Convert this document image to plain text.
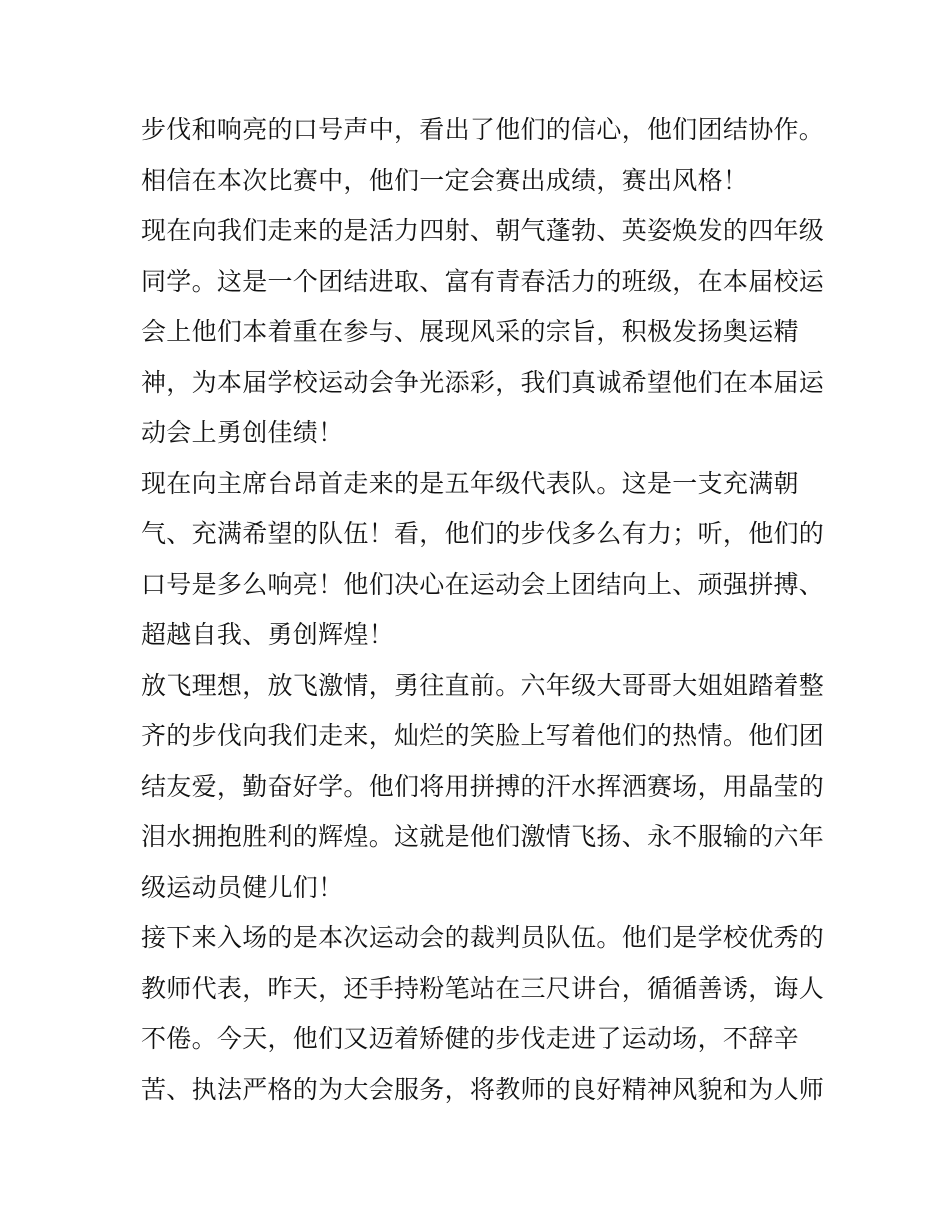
步伐和响亮的口号声中，看出了他们的信心，他们团结协作。
相信在本次比赛中，他们一定会赛出成绩，赛出风格！
现在向我们走来的是活力四射、朝气蓬勃、英姿焕发的四年级
同学。这是一个团结进取、富有青春活力的班级，在本届校运
会上他们本着重在参与、展现风采的宗旨，积极发扬奥运精
神，为本届学校运动会争光添彩，我们真诚希望他们在本届运
动会上勇创佳绩！
现在向主席台昂首走来的是五年级代表队。这是一支充满朝
气、充满希望的队伍！看，他们的步伐多么有力；听，他们的
口号是多么响亮！他们决心在运动会上团结向上、顽强拼搏、
超越自我、勇创辉煌！
放飞理想，放飞激情，勇往直前。六年级大哥哥大姐姐踏着整
齐的步伐向我们走来，灿烂的笑脸上写着他们的热情。他们团
结友爱，勤奋好学。他们将用拼搏的汗水挥洒赛场，用晶莹的
泪水拥抱胜利的辉煌。这就是他们激情飞扬、永不服输的六年
级运动员健儿们！
接下来入场的是本次运动会的裁判员队伍。他们是学校优秀的
教师代表，昨天，还手持粉笔站在三尺讲台，循循善诱，诲人
不倦。今天，他们又迈着矫健的步伐走进了运动场，不辞辛
苦、执法严格的为大会服务，将教师的良好精神风貌和为人师
